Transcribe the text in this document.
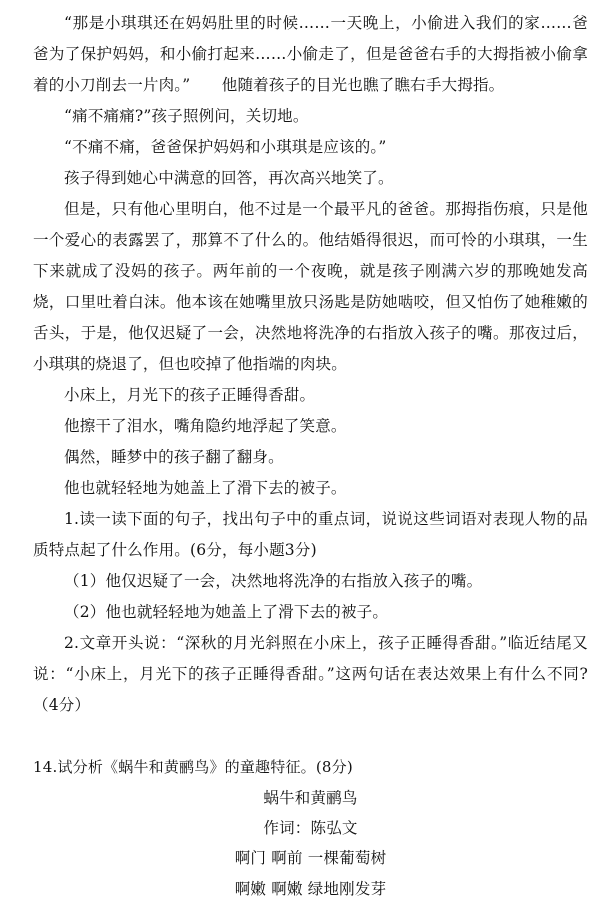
“那是小琪琪还在妈妈肚里的时候……一天晚上，小偷进入我们的家……爸爸为了保护妈妈，和小偷打起来……小偷走了，但是爸爸右手的大拇指被小偷拿着的小刀削去一片肉。”　　他随着孩子的目光也瞧了瞧右手大拇指。

“痛不痛痛?”孩子照例问，关切地。

“不痛不痛，爸爸保护妈妈和小琪琪是应该的。”

孩子得到她心中满意的回答，再次高兴地笑了。

但是，只有他心里明白，他不过是一个最平凡的爸爸。那拇指伤痕，只是他一个爱心的表露罢了，那算不了什么的。他结婚得很迟，而可怜的小琪琪，一生下来就成了没妈的孩子。两年前的一个夜晚，就是孩子刚满六岁的那晚她发高烧，口里吐着白沫。他本该在她嘴里放只汤匙是防她啮咬，但又怕伤了她稚嫩的舌头，于是，他仅迟疑了一会，决然地将洗净的右指放入孩子的嘴。那夜过后，小琪琪的烧退了，但也咬掉了他指端的肉块。

小床上，月光下的孩子正睡得香甜。

他擦干了泪水，嘴角隐约地浮起了笑意。

偶然，睡梦中的孩子翻了翻身。

他也就轻轻地为她盖上了滑下去的被子。

1.读一读下面的句子，找出句子中的重点词，说说这些词语对表现人物的品质特点起了什么作用。(6分，每小题3分)

（1）他仅迟疑了一会，决然地将洗净的右指放入孩子的嘴。

（2）他也就轻轻地为她盖上了滑下去的被子。

2.文章开头说：“深秋的月光斜照在小床上，孩子正睡得香甜。”临近结尾又说：“小床上，月光下的孩子正睡得香甜。”这两句话在表达效果上有什么不同?（4分）

14.试分析《蜗牛和黄鹂鸟》的童趣特征。(8分)

蜗牛和黄鹂鸟

作词：陈弘文

啊门 啊前 一棵葡萄树

啊嫩 啊嫩 绿地刚发芽
